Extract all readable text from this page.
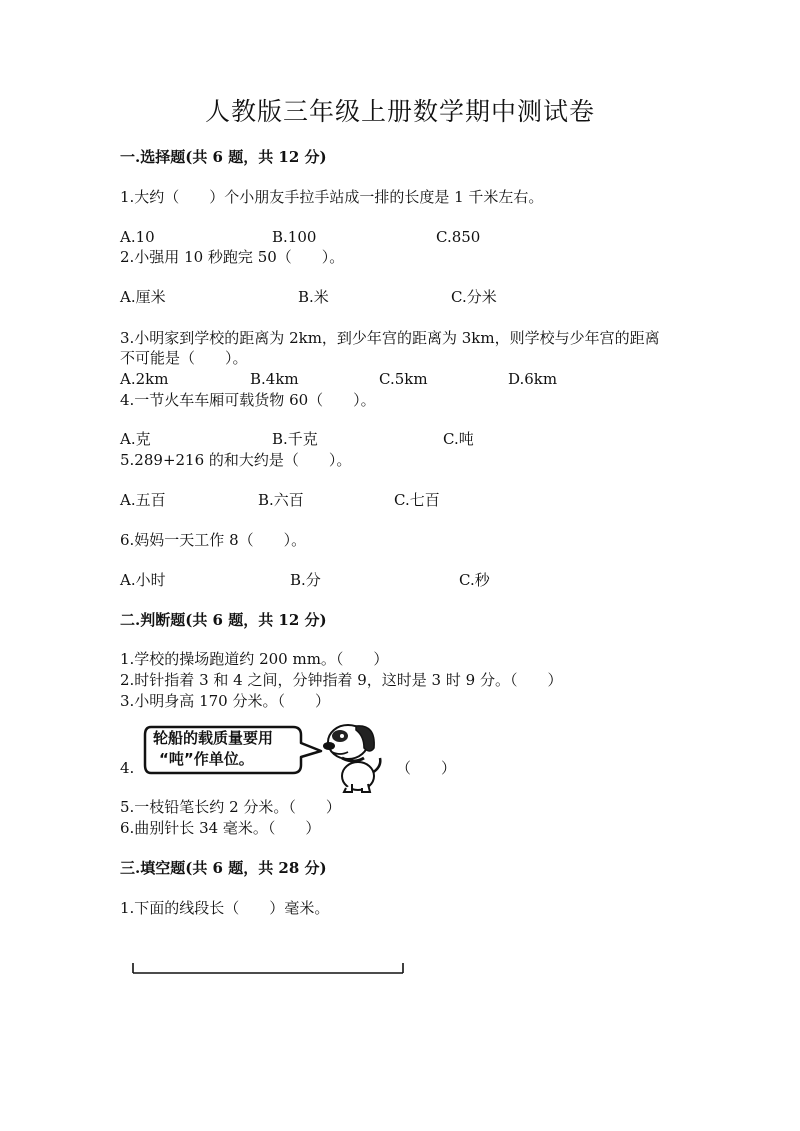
人教版三年级上册数学期中测试卷
一.选择题(共 6 题，共 12 分)
1.大约（　　）个小朋友手拉手站成一排的长度是 1 千米左右。
A.10	B.100	C.850
2.小强用 10 秒跑完 50（　　）。
A.厘米	B.米	C.分米
3.小明家到学校的距离为 2km，到少年宫的距离为 3km，则学校与少年宫的距离
不可能是（　　）。
A.2km	B.4km	C.5km	D.6km
4.一节火车车厢可载货物 60（　　）。
A.克	B.千克	C.吨
5.289+216 的和大约是（　　）。
A.五百	B.六百	C.七百
6.妈妈一天工作 8（　　）。
A.小时	B.分	C.秒
二.判断题(共 6 题，共 12 分)
1.学校的操场跑道约 200 mm。（　　）
2.时针指着 3 和 4 之间，分钟指着 9，这时是 3 时 9 分。（　　）
3.小明身高 170 分米。（　　）
4.
轮船的载质量要用
“吨”作单位。	（　　）
5.一枝铅笔长约 2 分米。（　　）
6.曲别针长 34 毫米。（　　）
三.填空题(共 6 题，共 28 分)
1.下面的线段长（　　）毫米。
